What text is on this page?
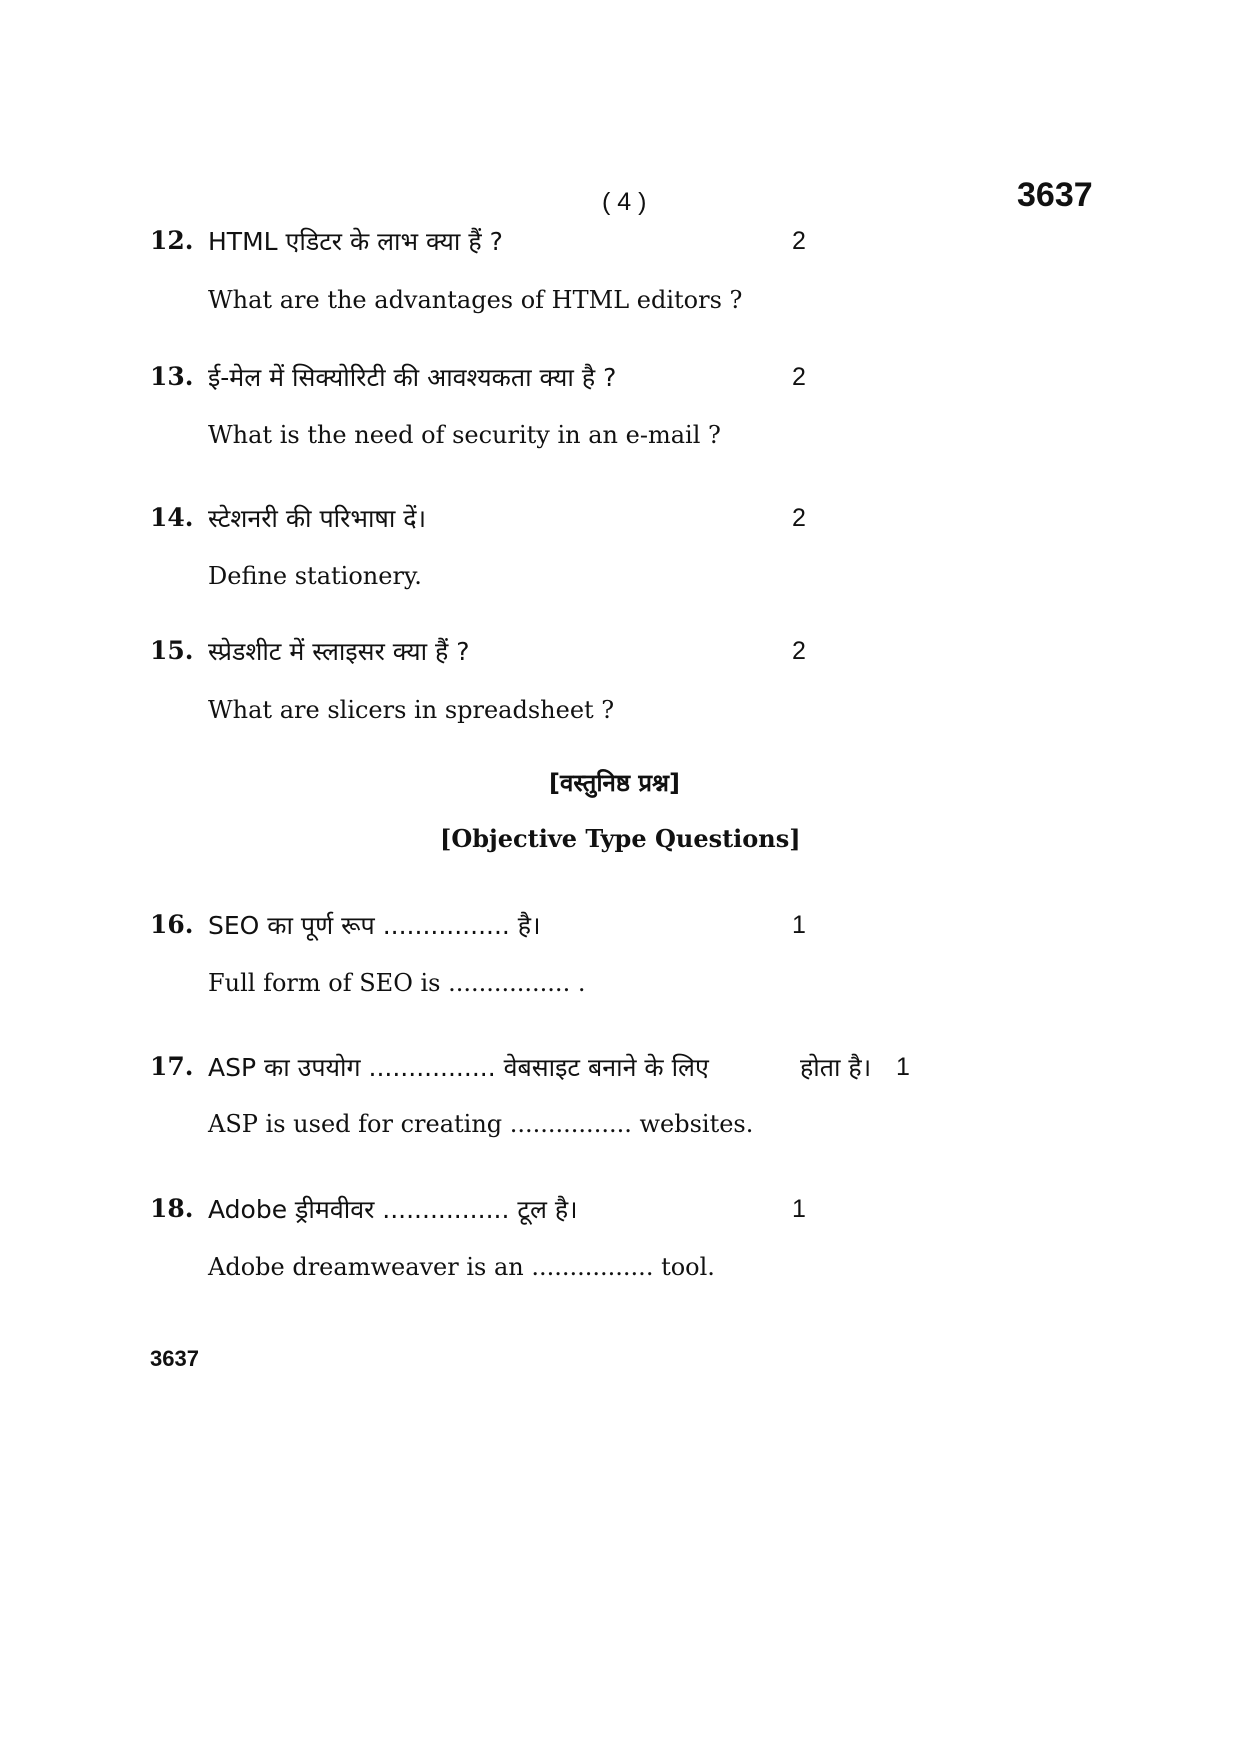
( 4 )	3637
12. HTML एडिटर के लाभ क्या हैं ?	2
What are the advantages of HTML editors ?
13. ई-मेल में सिक्योरिटी की आवश्यकता क्या है ?	2
What is the need of security in an e-mail ?
14. स्टेशनरी की परिभाषा दें।	2
Define stationery.
15. स्प्रेडशीट में स्लाइसर क्या हैं ?	2
What are slicers in spreadsheet ?
[वस्तुनिष्ठ प्रश्न]
[Objective Type Questions]
16. SEO का पूर्ण रूप ................ है।	1
Full form of SEO is ................ .
17. ASP का उपयोग ................ वेबसाइट बनाने के लिए	होता है। 1
ASP is used for creating ................ websites.
18. Adobe ड्रीमवीवर ................ टूल है।	1
Adobe dreamweaver is an ................ tool.
3637
